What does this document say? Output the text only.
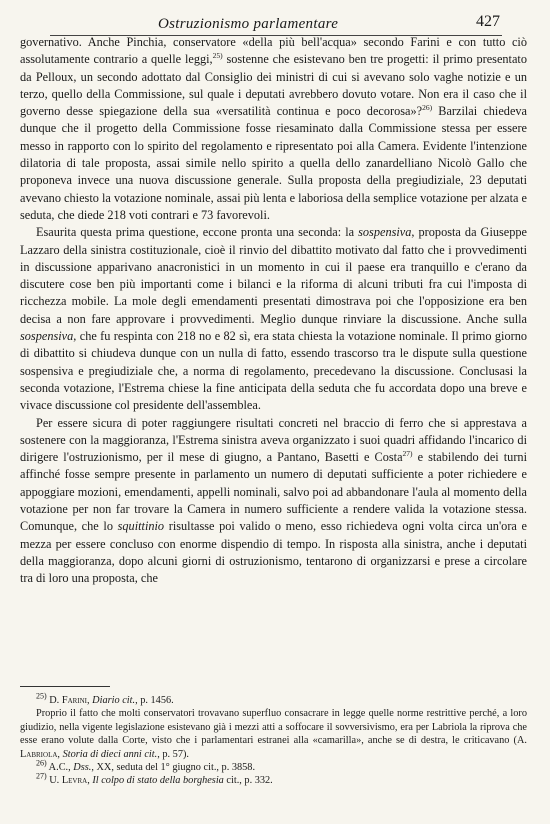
Ostruzionismo parlamentare	427

governativo. Anche Pinchia, conservatore «della più bell'acqua» secondo Farini e con tutto ciò assolutamente contrario a quelle leggi,$^{25)}$ sostenne che esistevano ben tre progetti: il primo presentato da Pelloux, un secondo adottato dal Consiglio dei ministri di cui si avevano solo vaghe notizie e un terzo, quello della Commissione, sul quale i deputati avrebbero dovuto votare. Non era il caso che il governo desse spiegazione della sua «versatilità continua e poco decorosa»?$^{26)}$ Barzilai chiedeva dunque che il progetto della Commissione fosse riesaminato dalla Commissione stessa per essere messo in rapporto con lo spirito del regolamento e ripresentato poi alla Camera. Evidente l'intenzione dilatoria di tale proposta, assai simile nello spirito a quella dello zanardelliano Nicolò Gallo che proponeva invece una nuova discussione generale. Sulla proposta della pregiudiziale, 23 deputati avevano chiesto la votazione nominale, assai più lenta e laboriosa della semplice votazione per alzata e seduta, che diede 218 voti contrari e 73 favorevoli.

Esaurita questa prima questione, eccone pronta una seconda: la sospensiva, proposta da Giuseppe Lazzaro della sinistra costituzionale, cioè il rinvio del dibattito motivato dal fatto che i provvedimenti in discussione apparivano anacronistici in un momento in cui il paese era tranquillo e c'erano da discutere cose ben più importanti come i bilanci e la riforma di alcuni tributi fra cui l'imposta di ricchezza mobile. La mole degli emendamenti presentati dimostrava poi che l'opposizione era ben decisa a non fare approvare i provvedimenti. Meglio dunque rinviare la discussione. Anche sulla sospensiva, che fu respinta con 218 no e 82 sì, era stata chiesta la votazione nominale. Il primo giorno di dibattito si chiudeva dunque con un nulla di fatto, essendo trascorso tra le dispute sulla questione sospensiva e pregiudiziale che, a norma di regolamento, precedevano la discussione. Conclusasi la seconda votazione, l'Estrema chiese la fine anticipata della seduta che fu accordata dopo una breve e vivace discussione col presidente dell'assemblea.

Per essere sicura di poter raggiungere risultati concreti nel braccio di ferro che si apprestava a sostenere con la maggioranza, l'Estrema sinistra aveva organizzato i suoi quadri affidando l'incarico di dirigere l'ostruzionismo, per il mese di giugno, a Pantano, Basetti e Costa$^{27)}$ e stabilendo dei turni affinché fosse sempre presente in parlamento un numero di deputati sufficiente a poter richiedere e appoggiare mozioni, emendamenti, appelli nominali, salvo poi ad abbandonare l'aula al momento della votazione per non far trovare la Camera in numero sufficiente a rendere valida la votazione stessa. Comunque, che lo squittinio risultasse poi valido o meno, esso richiedeva ogni volta circa un'ora e mezza per essere concluso con enorme dispendio di tempo. In risposta alla sinistra, anche i deputati della maggioranza, dopo alcuni giorni di ostruzionismo, tentarono di organizzarsi e prese a circolare tra di loro una proposta, che

$^{25)}$ D. Farini, Diario cit., p. 1456.

Proprio il fatto che molti conservatori trovavano superfluo consacrare in legge quelle norme restrittive perché, a loro giudizio, nella vigente legislazione esistevano già i mezzi atti a soffocare il sovversivismo, era per Labriola la riprova che esse erano volute dalla Corte, visto che i parlamentari estranei alla «camarilla», anche se di destra, le criticavano (A. Labriola, Storia di dieci anni cit., p. 57).

$^{26)}$ A.C., Dss., XX, seduta del 1° giugno cit., p. 3858.

$^{27)}$ U. Levra, Il colpo di stato della borghesia cit., p. 332.
